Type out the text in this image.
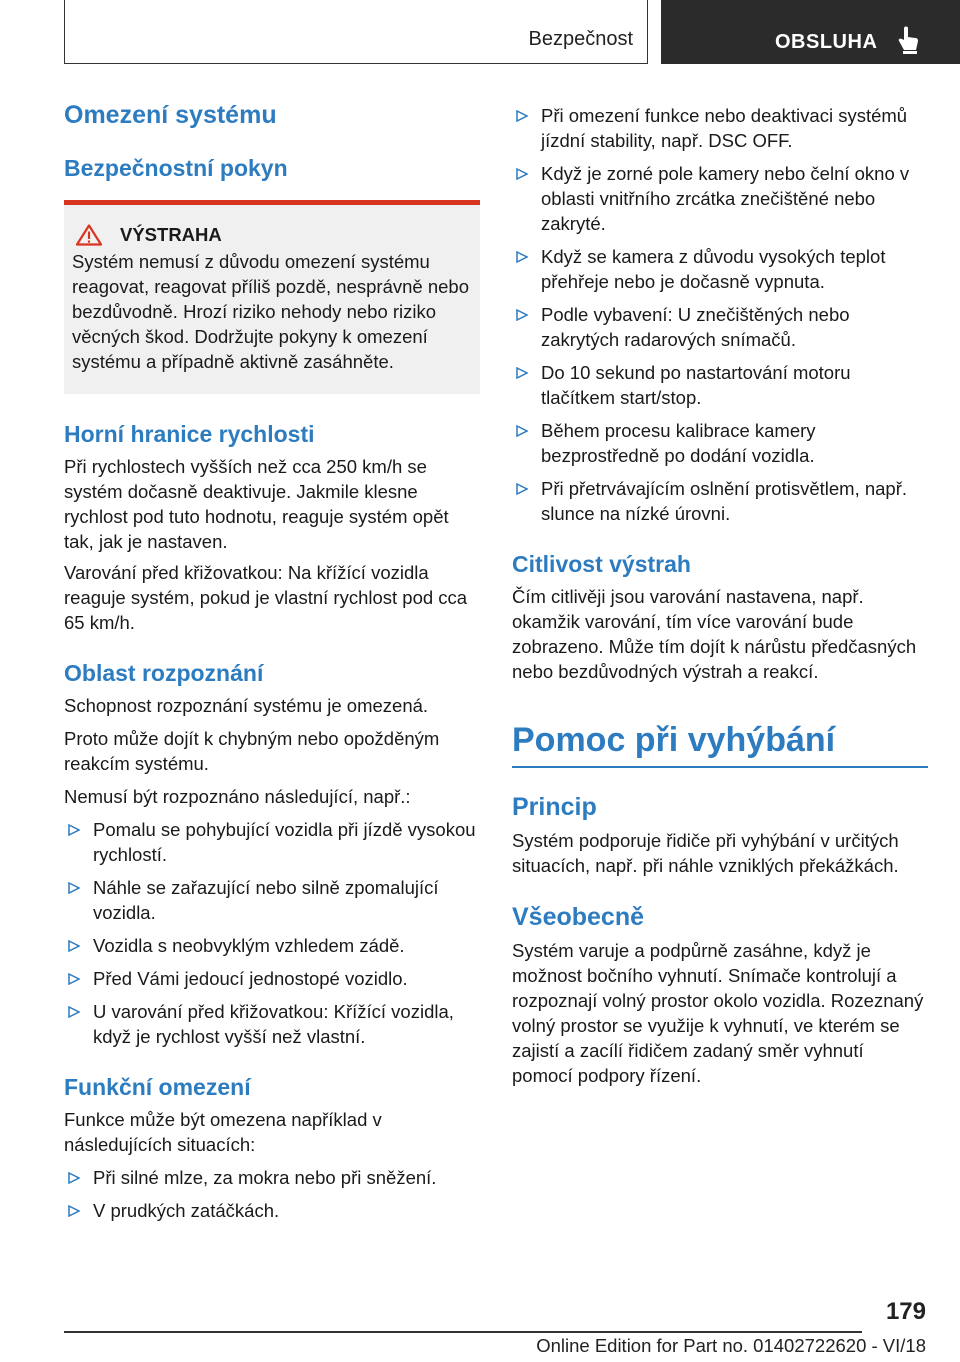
Bezpečnost	OBSLUHA
Omezení systému
Bezpečnostní pokyn
VÝSTRAHA

Systém nemusí z důvodu omezení systému reagovat, reagovat příliš pozdě, nesprávně nebo bezdůvodně. Hrozí riziko nehody nebo riziko věcných škod. Dodržujte pokyny k omezení systému a případně aktivně zasáhněte.

Horní hranice rychlosti

Při rychlostech vyšších než cca 250 km/h se systém dočasně deaktivuje. Jakmile klesne rychlost pod tuto hodnotu, reaguje systém opět tak, jak je nastaven.

Varování před křižovatkou: Na křížící vozidla reaguje systém, pokud je vlastní rychlost pod cca 65 km/h.

Oblast rozpoznání

Schopnost rozpoznání systému je omezená.

Proto může dojít k chybným nebo opožděným reakcím systému.

Nemusí být rozpoznáno následující, např.:

Pomalu se pohybující vozidla při jízdě vysokou rychlostí.
Náhle se zařazující nebo silně zpomalující vozidla.
Vozidla s neobvyklým vzhledem zádě.
Před Vámi jedoucí jednostopé vozidlo.
U varování před křižovatkou: Křížící vozidla, když je rychlost vyšší než vlastní.
Funkční omezení

Funkce může být omezena například v následujících situacích:

Při silné mlze, za mokra nebo při sněžení.
V prudkých zatáčkách.
Při omezení funkce nebo deaktivaci systémů jízdní stability, např. DSC OFF.
Když je zorné pole kamery nebo čelní okno v oblasti vnitřního zrcátka znečištěné nebo zakryté.
Když se kamera z důvodu vysokých teplot přehřeje nebo je dočasně vypnuta.
Podle vybavení: U znečištěných nebo zakrytých radarových snímačů.
Do 10 sekund po nastartování motoru tlačítkem start/stop.
Během procesu kalibrace kamery bezprostředně po dodání vozidla.
Při přetrvávajícím oslnění protisvětlem, např. slunce na nízké úrovni.
Citlivost výstrah

Čím citlivěji jsou varování nastavena, např. okamžik varování, tím více varování bude zobrazeno. Může tím dojít k nárůstu předčasných nebo bezdůvodných výstrah a reakcí.

Pomoc při vyhýbání
Princip

Systém podporuje řidiče při vyhýbání v určitých situacích, např. při náhle vzniklých překážkách.

Všeobecně

Systém varuje a podpůrně zasáhne, když je možnost bočního vyhnutí. Snímače kontrolují a rozpoznají volný prostor okolo vozidla. Rozeznaný volný prostor se využije k vyhnutí, ve kterém se zajistí a zacílí řidičem zadaný směr vyhnutí pomocí podpory řízení.

179
Online Edition for Part no. 01402722620 - VI/18
